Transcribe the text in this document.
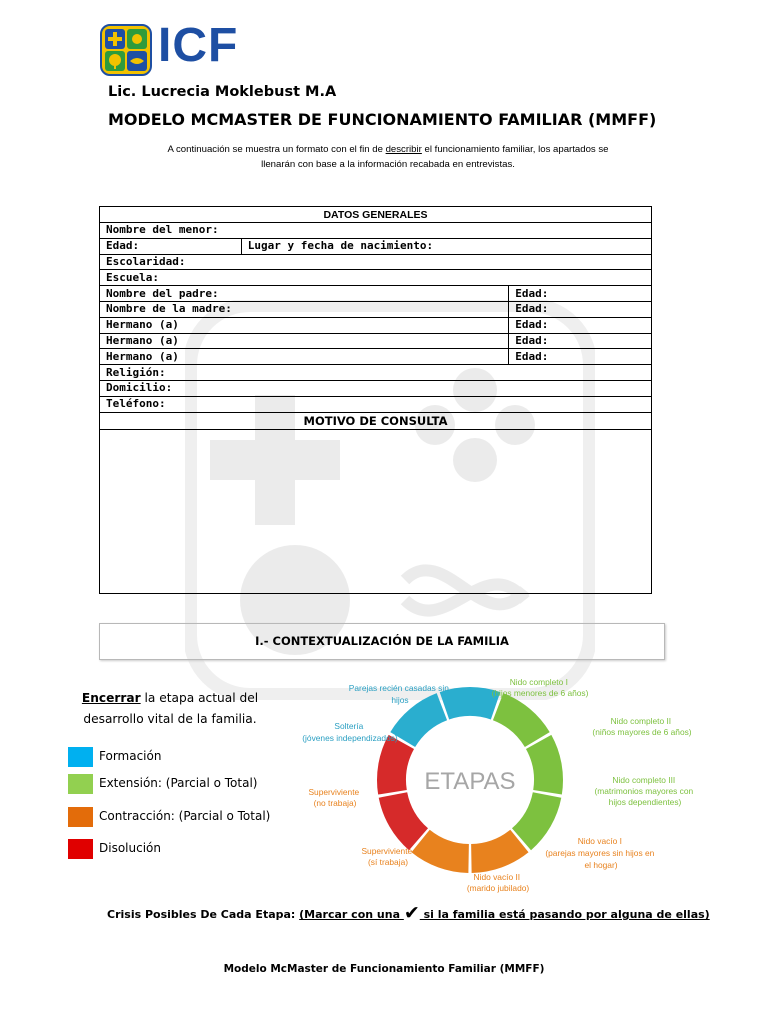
ICF
Lic. Lucrecia Moklebust M.A
MODELO MCMASTER DE FUNCIONAMIENTO FAMILIAR (MMFF)
A continuación se muestra un formato con el fin de describir el funcionamiento familiar, los apartados se
llenarán con base a la información recabada en entrevistas.
DATOS GENERALES		
Nombre del menor:		
Edad:	Lugar y fecha de nacimiento:	
Escolaridad:		
Escuela:		
Nombre del padre:		Edad:
Nombre de la madre:		Edad:
Hermano (a)		Edad:
Hermano (a)		Edad:
Hermano (a)		Edad:
Religión:		
Domicilio:		
Teléfono:		
MOTIVO DE CONSULTA		

I.- CONTEXTUALIZACIÓN DE LA FAMILIA
Encerrar la etapa actual del desarrollo vital de la familia.
Formación
Extensión: (Parcial o Total)
Contracción: (Parcial o Total)
Disolución
ETAPAS
Parejas recién casadas sin hijos
Nido completo I (hijos menores de 6 años)
Nido completo II (niños mayores de 6 años)
Nido completo III (matrimonios mayores con hijos dependientes)
Nido vacío I (parejas mayores sin hijos en el hogar)
Nido vacío II (marido jubilado)
Superviviente (sí trabaja)
Superviviente (no trabaja)
Soltería (jóvenes independizados)
Crisis Posibles De Cada Etapa: (Marcar con una ✔ si la familia está pasando por alguna de ellas)
Modelo McMaster de Funcionamiento Familiar (MMFF)
